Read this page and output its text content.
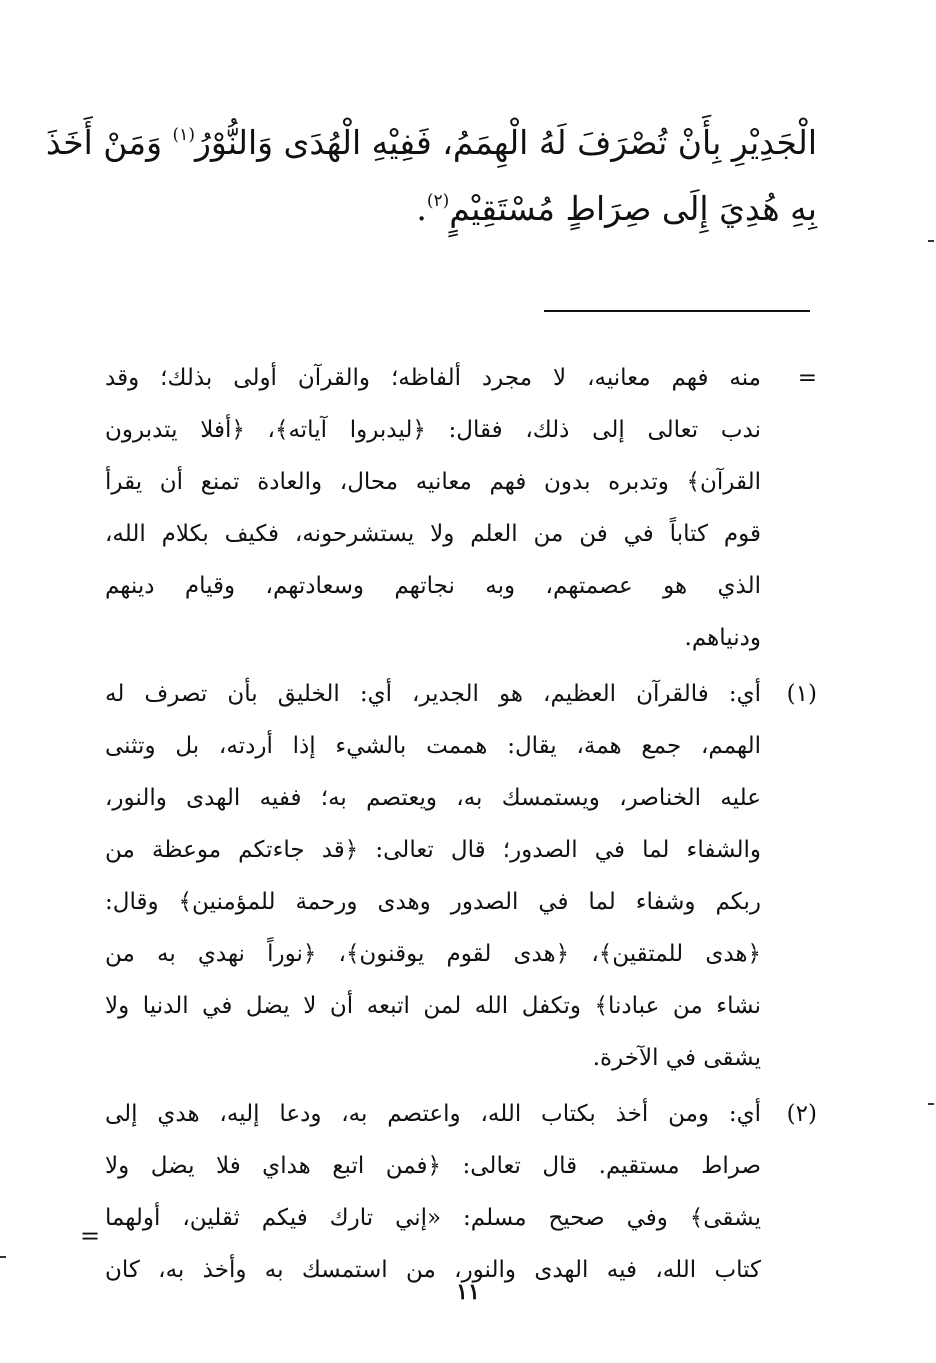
الْجَدِيْرِ بِأَنْ تُصْرَفَ لَهُ الْهِمَمُ، فَفِيْهِ الْهُدَى وَالنُّوْرُ$^{(١)}$ وَمَنْ أَخَذَ
بِهِ هُدِيَ إِلَى صِرَاطٍ مُسْتَقِيْمٍ$^{(٢)}$.

=
منه فهم معانيه، لا مجرد ألفاظه؛ والقرآن أولى بذلك؛ وقد
ندب تعالى إلى ذلك، فقال: ﴿ليدبروا آياته﴾، ﴿أفلا يتدبرون
القرآن﴾ وتدبره بدون فهم معانيه محال، والعادة تمنع أن يقرأ
قوم كتاباً في فن من العلم ولا يستشرحونه، فكيف بكلام الله،
الذي هو عصمتهم، وبه نجاتهم وسعادتهم، وقيام دينهم
ودنياهم.
(١)
أي: فالقرآن العظيم، هو الجدير، أي: الخليق بأن تصرف له
الهمم، جمع همة، يقال: هممت بالشيء إذا أردته، بل وتثنى
عليه الخناصر، ويستمسك به، ويعتصم به؛ ففيه الهدى والنور،
والشفاء لما في الصدور؛ قال تعالى: ﴿قد جاءتكم موعظة من
ربكم وشفاء لما في الصدور وهدى ورحمة للمؤمنين﴾ وقال:
﴿هدى للمتقين﴾، ﴿هدى لقوم يوقنون﴾، ﴿نوراً نهدي به من
نشاء من عبادنا﴾ وتكفل الله لمن اتبعه أن لا يضل في الدنيا ولا
يشقى في الآخرة.
(٢)
أي: ومن أخذ بكتاب الله، واعتصم به، ودعا إليه، هدي إلى
صراط مستقيم. قال تعالى: ﴿فمن اتبع هداي فلا يضل ولا
يشقى﴾ وفي صحيح مسلم: «إني تارك فيكم ثقلين، أولهما
كتاب الله، فيه الهدى والنور، من استمسك به وأخذ به، كان
=
١١
